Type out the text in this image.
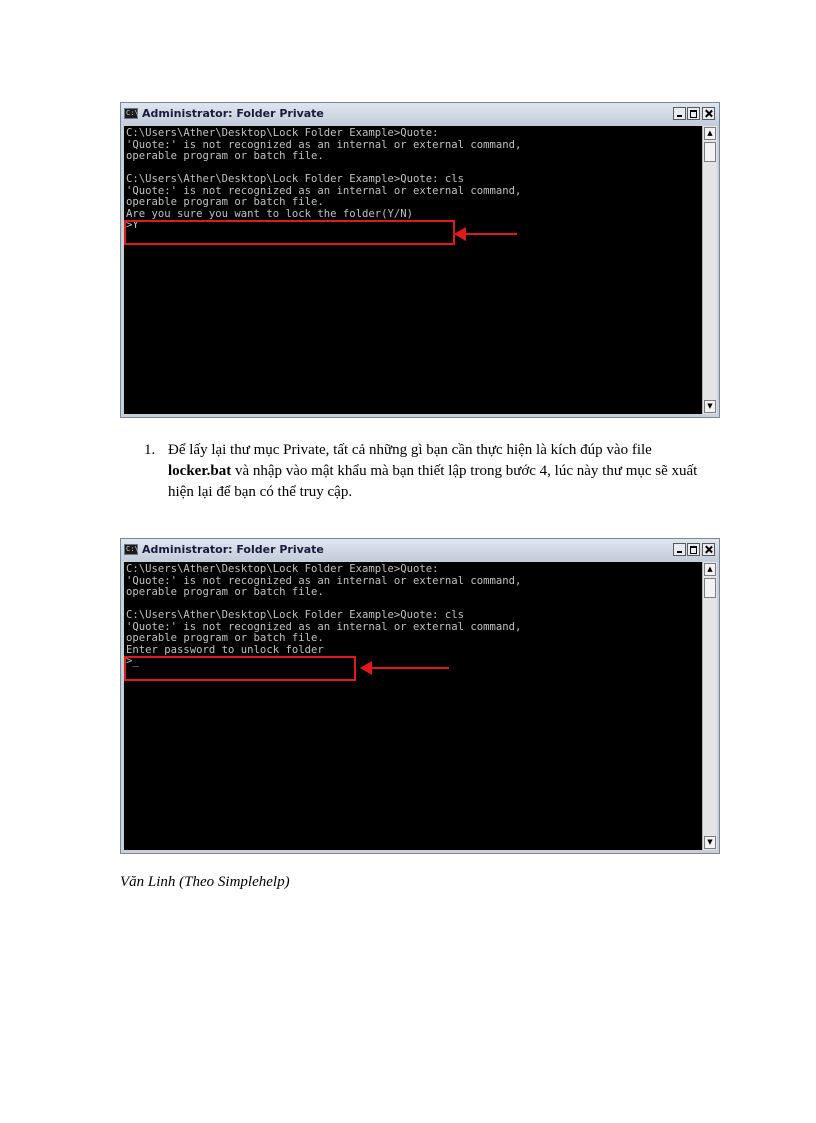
C:\ Administrator: Folder Private
C:\Users\Ather\Desktop\Lock Folder Example>Quote:
'Quote:' is not recognized as an internal or external command,
operable program or batch file.
C:\Users\Ather\Desktop\Lock Folder Example>Quote: cls
'Quote:' is not recognized as an internal or external command,
operable program or batch file.
Are you sure you want to lock the folder(Y/N)
>Y
▲
▼
1. Để lấy lại thư mục Private, tất cả những gì bạn cần thực hiện là kích đúp vào file locker.bat và nhập vào mật khẩu mà bạn thiết lập trong bước 4, lúc này thư mục sẽ xuất hiện lại để bạn có thể truy cập.
C:\ Administrator: Folder Private
C:\Users\Ather\Desktop\Lock Folder Example>Quote:
'Quote:' is not recognized as an internal or external command,
operable program or batch file.
C:\Users\Ather\Desktop\Lock Folder Example>Quote: cls
'Quote:' is not recognized as an internal or external command,
operable program or batch file.
Enter password to unlock folder
>_
▲
▼
Văn Linh (Theo Simplehelp)
